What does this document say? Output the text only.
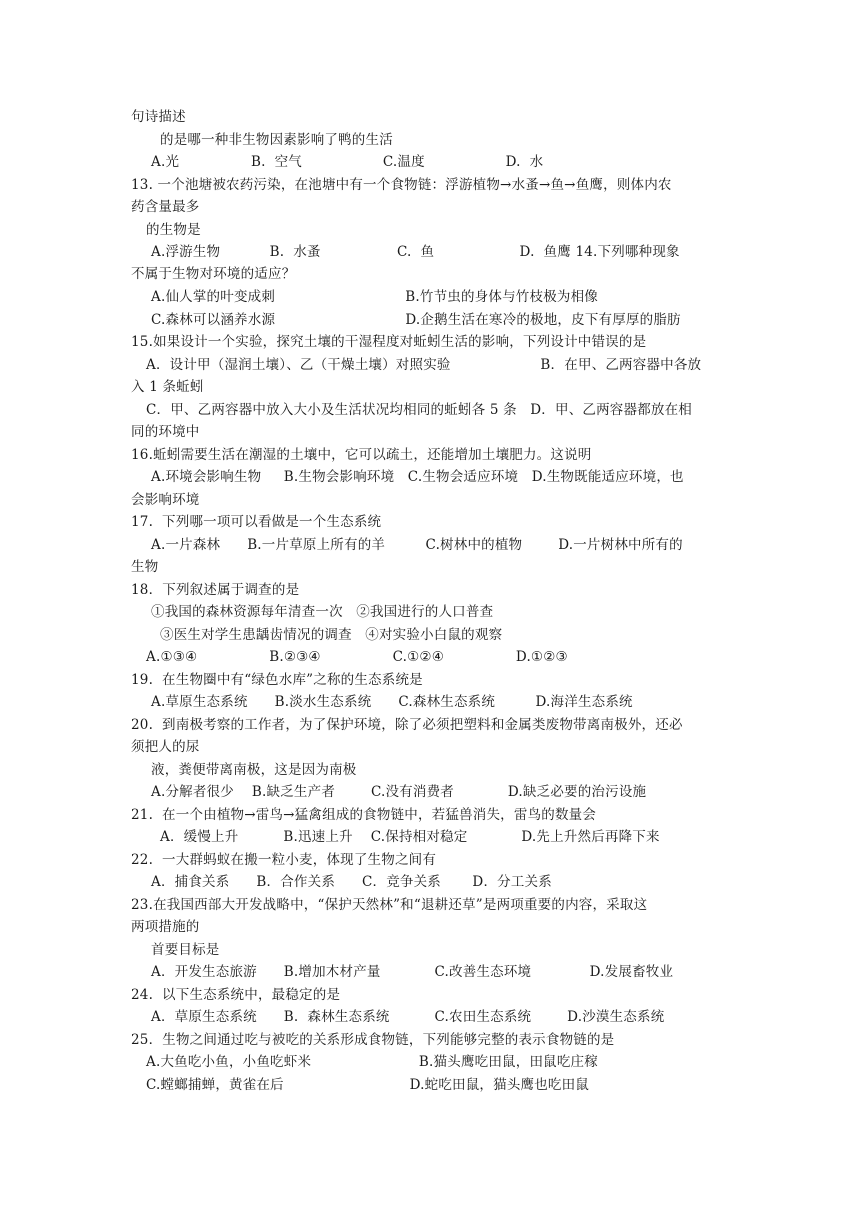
句诗描述
的是哪一种非生物因素影响了鸭的生活
A.光                B.  空气                  C.温度                  D.  水
13. 一个池塘被农药污染，在池塘中有一个食物链：浮游植物→水蚤→鱼→鱼鹰，则体内农
药含量最多
的生物是
A.浮游生物           B.  水蚤                 C.  鱼                   D.  鱼鹰 14.下列哪种现象
不属于生物对环境的适应？
A.仙人掌的叶变成刺                             B.竹节虫的身体与竹枝极为相像
C.森林可以涵养水源                             D.企鹅生活在寒冷的极地，皮下有厚厚的脂肪
15.如果设计一个实验，探究土壤的干湿程度对蚯蚓生活的影响，下列设计中错误的是
A．设计甲（湿润土壤）、乙（干燥土壤）对照实验                    B．在甲、乙两容器中各放
入 1 条蚯蚓
C．甲、乙两容器中放入大小及生活状况均相同的蚯蚓各 5 条   D．甲、乙两容器都放在相
同的环境中
16.蚯蚓需要生活在潮湿的土壤中，它可以疏土，还能增加土壤肥力。这说明
A.环境会影响生物     B.生物会影响环境   C.生物会适应环境   D.生物既能适应环境，也
会影响环境
17.  下列哪一项可以看做是一个生态系统
A.一片森林      B.一片草原上所有的羊         C.树林中的植物        D.一片树林中所有的
生物
18．下列叙述属于调查的是
①我国的森林资源每年清查一次   ②我国进行的人口普查
③医生对学生患龋齿情况的调查   ④对实验小白鼠的观察
A.①③④                B.②③④                C.①②④                D.①②③
19.  在生物圈中有“绿色水库”之称的生态系统是
A.草原生态系统      B.淡水生态系统      C.森林生态系统         D.海洋生态系统
20.  到南极考察的工作者，为了保护环境，除了必须把塑料和金属类废物带离南极外，还必
须把人的尿
液，粪便带离南极，这是因为南极
A.分解者很少    B.缺乏生产者        C.没有消费者            D.缺乏必要的治污设施
21.  在一个由植物→雷鸟→猛禽组成的食物链中，若猛兽消失，雷鸟的数量会
A．缓慢上升          B.迅速上升    C.保持相对稳定            D.先上升然后再降下来
22.  一大群蚂蚁在搬一粒小麦，体现了生物之间有
A．捕食关系      B．合作关系      C．竞争关系       D．分工关系
23.在我国西部大开发战略中，“保护天然林”和“退耕还草”是两项重要的内容，采取这
两项措施的
首要目标是
A．开发生态旅游      B.增加木材产量            C.改善生态环境             D.发展畜牧业
24.  以下生态系统中，最稳定的是
A．草原生态系统      B.  森林生态系统          C.农田生态系统        D.沙漠生态系统
25．生物之间通过吃与被吃的关系形成食物链，下列能够完整的表示食物链的是
A.大鱼吃小鱼，小鱼吃虾米                        B.猫头鹰吃田鼠，田鼠吃庄稼
C.螳螂捕蝉，黄雀在后                            D.蛇吃田鼠，猫头鹰也吃田鼠
